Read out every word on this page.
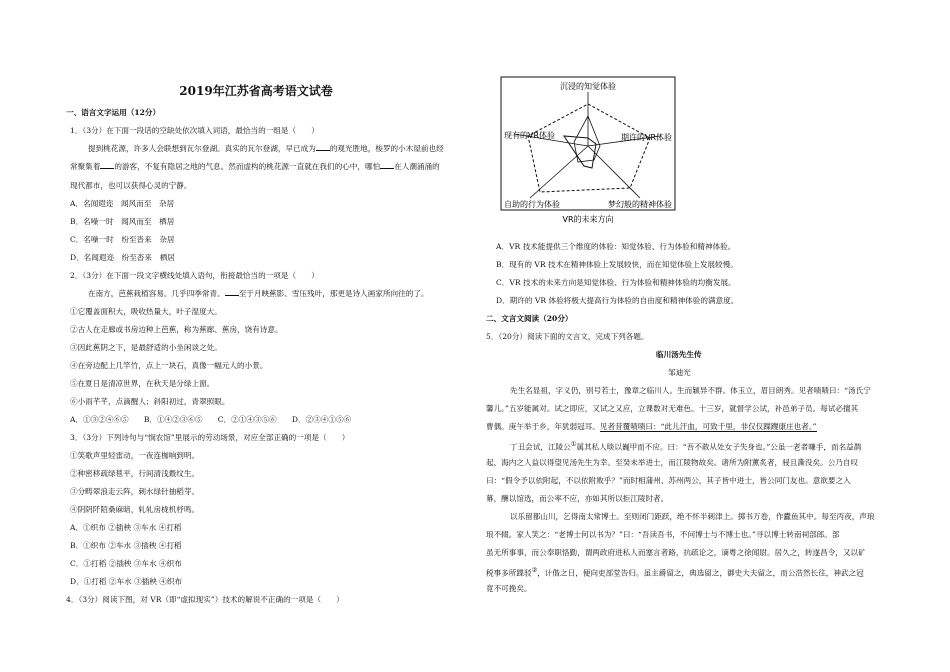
2019年江苏省高考语文试卷
一、语言文字运用（12分）
1．（3分）在下面一段话的空缺处依次填入词语，最恰当的一组是（　　）
提到桃花源，许多人会联想到瓦尔登湖。真实的瓦尔登湖，早已成为 的观光胜地，梭罗的小木屋前也经
常聚集着 的游客，不复有隐居之地的气息。然而虚构的桃花源一直就在我们的心中，哪怕 在人潮涌涌的
现代都市，也可以获得心灵的宁静。
A．名闻遐迩　闻风而至　杂居
B．名噪一时　闻风而至　栖居
C．名噪一时　纷至沓来　杂居
D．名闻遐迩　纷至沓来　栖居
2．（3分）在下面一段文字横线处填入语句，衔接最恰当的一项是（　　）
在南方，芭蕉栽植容易。几乎四季常青。 至于月映蕉影、雪压残叶，那更是诗人画家所向往的了。
①它覆盖面积大，吸收热量大，叶子湿度大。
②古人在走廊或书房边种上芭蕉，称为蕉廊、蕉房，饶有诗意。
③因此蕉阴之下，是最舒适的小坐闲谈之处。
④在旁边配上几竿竹，点上一块石，真像一幅元人的小景。
⑤在夏日是清凉世界，在秋天是分绿上窗。
⑥小雨芊芊，点滴醒人；斜阳初过，青翠照眼。
A．①③②④⑥⑤　　B．①④②③⑥⑤　　C．②①④③⑤⑥　　D．②③④①⑤⑥
3．（3分）下列诗句与“悯农馆”里展示的劳动场景，对应全部正确的一项是（　　）
①笑歌声里轻雷动，一夜连枷响到明。
②种密移疏绿毯平，行间清浅縠纹生。
③分畴翠浪走云阵，刺水绿针抽稻芽。
④阴阴阡陌桑麻暗，轧轧房栊机杼鸣。
A．①织布 ②插秧 ③车水 ④打稻
B．①织布 ②车水 ③插秧 ④打稻
C．①打稻 ②插秧 ③车水 ④织布
D．①打稻 ②车水 ③插秧 ④织布
4．（3分）阅读下图，对 VR（即“虚拟现实”）技术的解说不正确的一项是（　　）
沉浸的知觉体验
期许的VR体验
梦幻般的精神体验
自助的行为体验
现有的VR体验
VR的未来方向
A．VR 技术能提供三个维度的体验：知觉体验、行为体验和精神体验。
B．现有的 VR 技术在精神体验上发展较快，而在知觉体验上发展较慢。
C．VR 技术的未来方向是知觉体验、行为体验和精神体验的均衡发展。
D．期许的 VR 体验将极大提高行为体验的自由度和精神体验的满意度。
二、文言文阅读（20分）
5．（20分）阅读下面的文言文，完成下列各题。
临川汤先生传
邹迪光
先生名显祖，字义仍，别号若士，豫章之临川人。生而颖异不群。体玉立，眉目朗秀。见者啧啧曰：“汤氏宁
馨儿。”五岁能属对。试之即应，又试之又应，立课数对无难色。十三岁，就督学公试，补邑弟子员。每试必擅其
曹偶。庚午举于乡，年犹弱冠耳。见者昔覆啧啧曰：“此儿汗血，可致千里，非仅仅蹀躞康庄也者。”
丁丑会试，江陵公①属其私人啖以巍甲而不应。曰：“吾不敢从处女子失身也。”公虽一老者嗛手，而名益鹊
起，海内之人益以得望见汤先生为幸。至癸未举进士，而江陵物故矣。诸所为附薰炙者，骎且澌没矣。公乃自叹
曰：“假令予以依附起，不以依附败乎？”而时相蒲州、苏州两公，其子皆中进士，皆公同门友也。意欲要之入
幕，酬以馆选，而公率不应，亦如其所以拒江陵时者。
以乐留都山川，乞得南太常博士。至则闭门距跃，绝不怀半刺津上。掷书万卷，作蠹鱼其中。每至丙夜，声琅
琅不辍。家人笑之：“老博士何以书为？”曰：“吾读吾书，不问博士与不博士也。”寻以博士转南祠部郎。部
虽无所事事，而公奉职恪勤，谓两政府进私人而塞言者路，抗疏论之，谪粤之徐闻尉。居久之，转遂昌令，又以矿
税事多所蹀驳②，计偕之日，便向吏部堂告归。虽主爵留之，典选留之，御史大夫留之，而公浩然长往，神武之冠
竟不可挽矣。
